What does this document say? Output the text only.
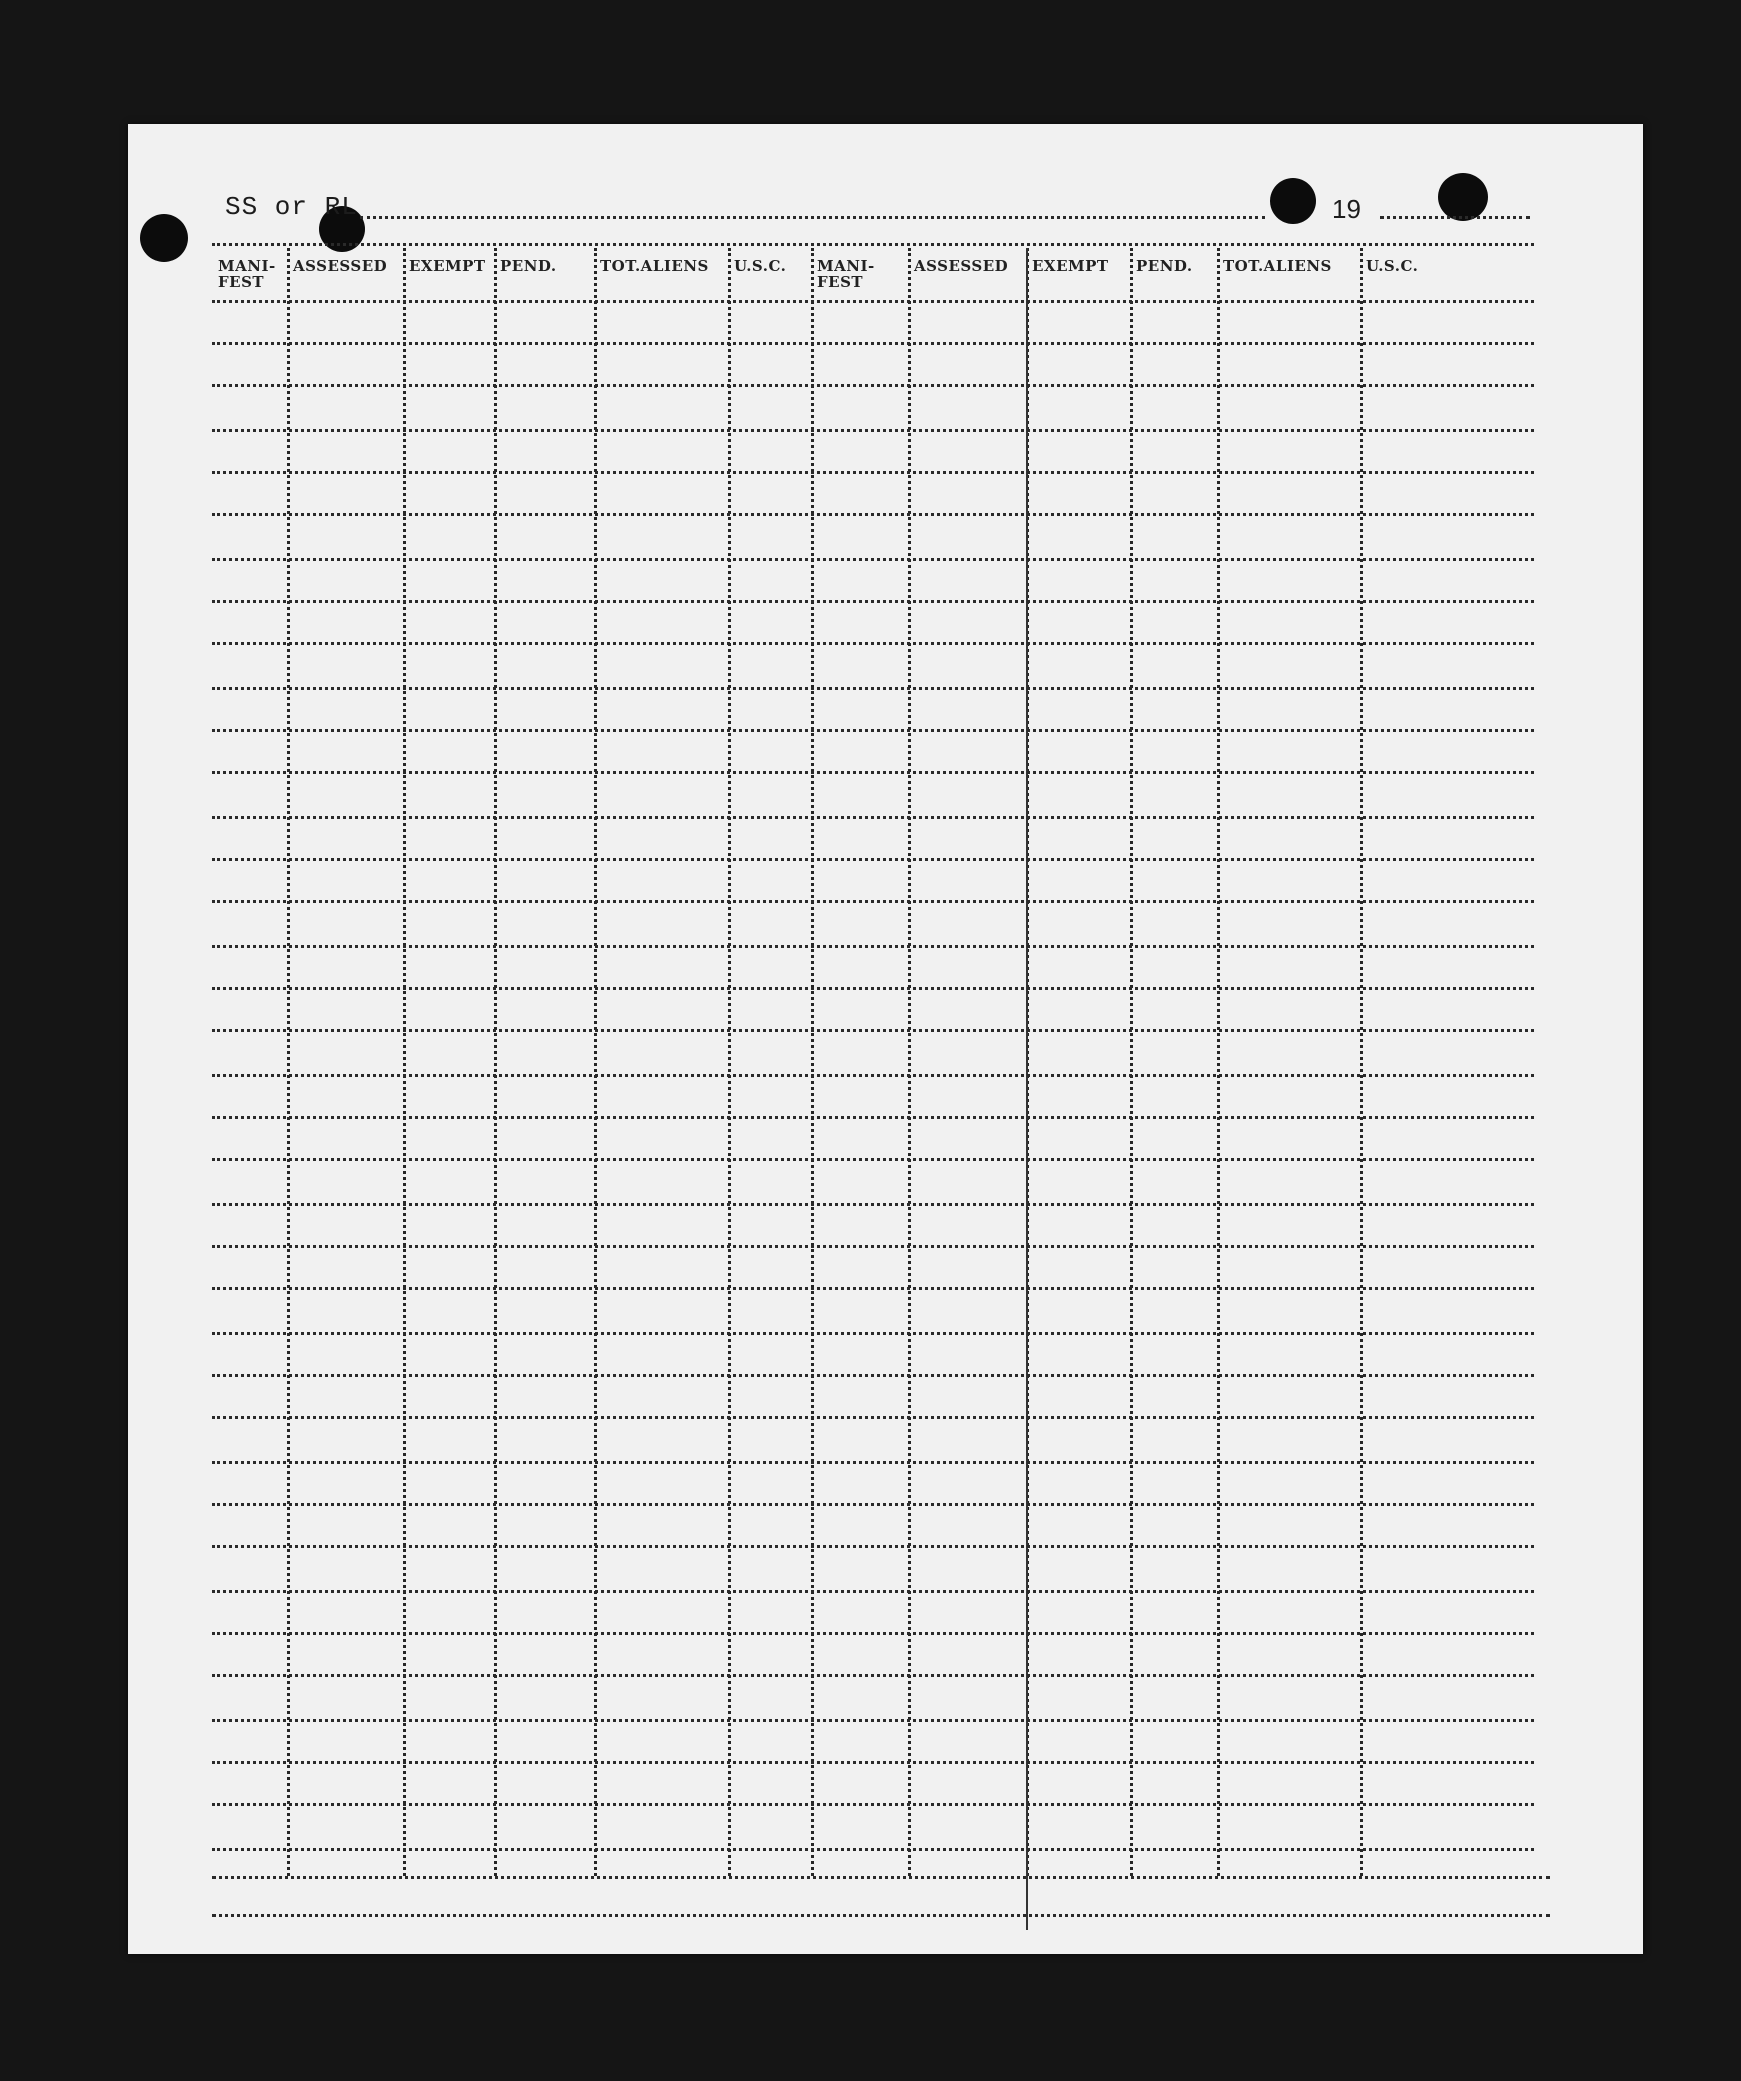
SS or RL	19
MANI-
FEST
ASSESSED EXEMPT PEND.	TOT.ALIENS U.S.C. MANI-
FEST
ASSESSED EXEMPT PEND. TOT.ALIENS U.S.C.
